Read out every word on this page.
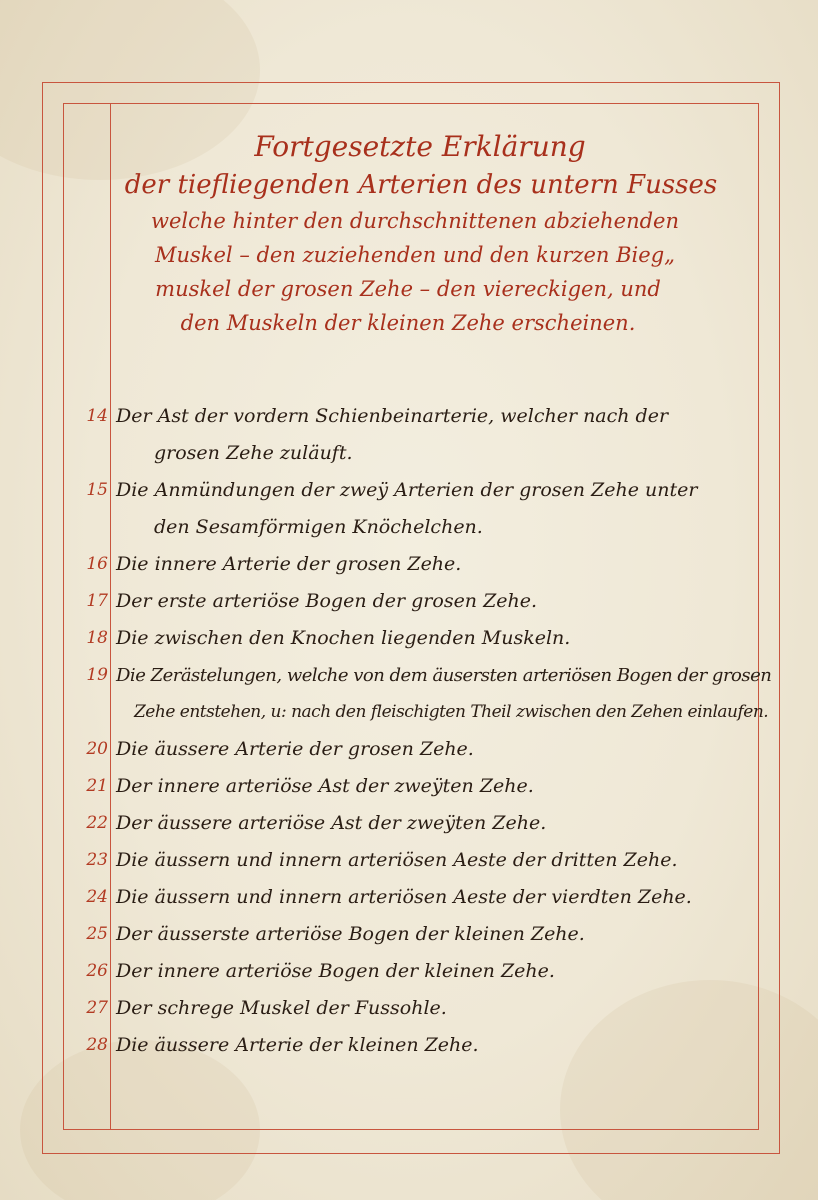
Fortgesetzte Erklärung
der tiefliegenden Arterien des untern Fusses
welche hinter den durchschnittenen abziehenden
Muskel – den zuziehenden und den kurzen Bieg„
muskel der grosen Zehe – den viereckigen, und
den Muskeln der kleinen Zehe erscheinen.
14 Der Ast der vordern Schienbeinarterie, welcher nach der
grosen Zehe zuläuft.
15 Die Anmündungen der zweÿ Arterien der grosen Zehe unter
den Sesamförmigen Knöchelchen.
16 Die innere Arterie der grosen Zehe.
17 Der erste arteriöse Bogen der grosen Zehe.
18 Die zwischen den Knochen liegenden Muskeln.
19 Die Zerästelungen, welche von dem äusersten arteriösen Bogen der grosen
Zehe entstehen, u: nach den fleischigten Theil zwischen den Zehen einlaufen.
20 Die äussere Arterie der grosen Zehe.
21 Der innere arteriöse Ast der zweÿten Zehe.
22 Der äussere arteriöse Ast der zweÿten Zehe.
23 Die äussern und innern arteriösen Aeste der dritten Zehe.
24 Die äussern und innern arteriösen Aeste der vierdten Zehe.
25 Der äusserste arteriöse Bogen der kleinen Zehe.
26 Der innere arteriöse Bogen der kleinen Zehe.
27 Der schrege Muskel der Fussohle.
28 Die äussere Arterie der kleinen Zehe.
